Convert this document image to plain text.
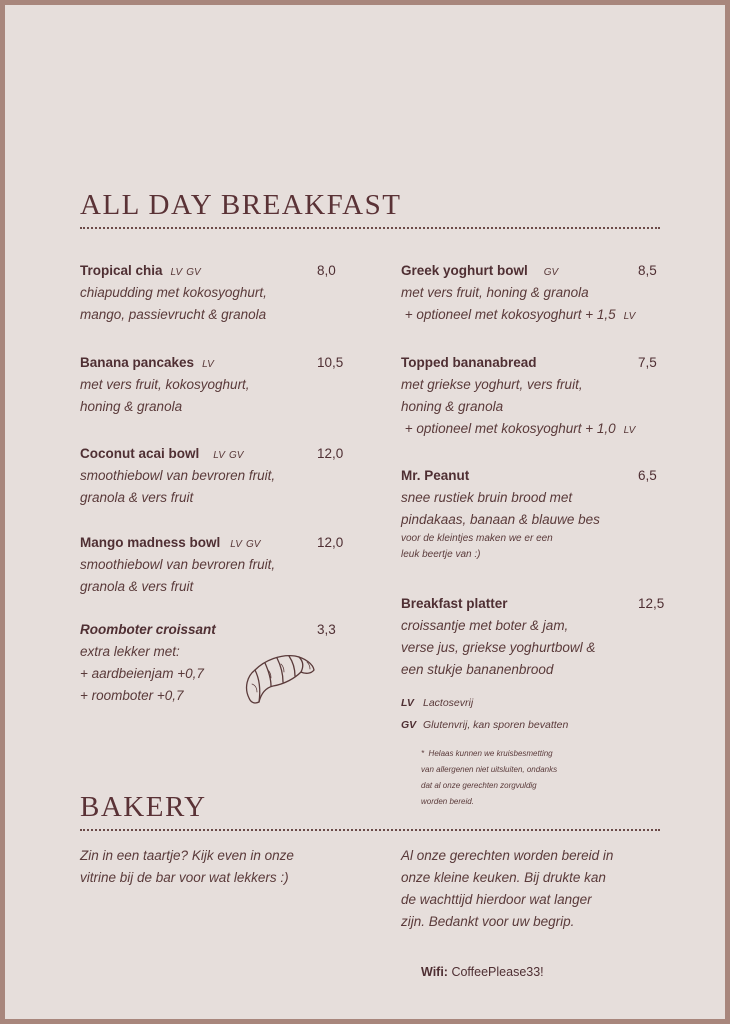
ALL DAY BREAKFAST
Tropical chia LV GV
chiapudding met kokosyoghurt,
mango, passievrucht & granola
8,0
Banana pancakes LV
met vers fruit, kokosyoghurt,
honing & granola
10,5
Coconut acai bowl LV GV
smoothiebowl van bevroren fruit,
granola & vers fruit
12,0
Mango madness bowl LV GV
smoothiebowl van bevroren fruit,
granola & vers fruit
12,0
Roomboter croissant
extra lekker met:
+ aardbeienjam +0,7
+ roomboter +0,7
3,3
Greek yoghurt bowl GV
met vers fruit, honing & granola
+ optioneel met kokosyoghurt + 1,5 LV
8,5
Topped bananabread
met griekse yoghurt, vers fruit,
honing & granola
+ optioneel met kokosyoghurt + 1,0 LV
7,5
Mr. Peanut
snee rustiek bruin brood met
pindakaas, banaan & blauwe bes
voor de kleintjes maken we er een
leuk beertje van :)
6,5
Breakfast platter
croissantje met boter & jam,
verse jus, griekse yoghurtbowl &
een stukje bananenbrood
12,5
LV Lactosevrij
GV Glutenvrij, kan sporen bevatten
*  Helaas kunnen we kruisbesmetting
van allergenen niet uitsluiten, ondanks
dat al onze gerechten zorgvuldig
worden bereid.
BAKERY
Zin in een taartje? Kijk even in onze
vitrine bij de bar voor wat lekkers :)
Al onze gerechten worden bereid in
onze kleine keuken. Bij drukte kan
de wachttijd hierdoor wat langer
zijn. Bedankt voor uw begrip.
Wifi: CoffeePlease33!
